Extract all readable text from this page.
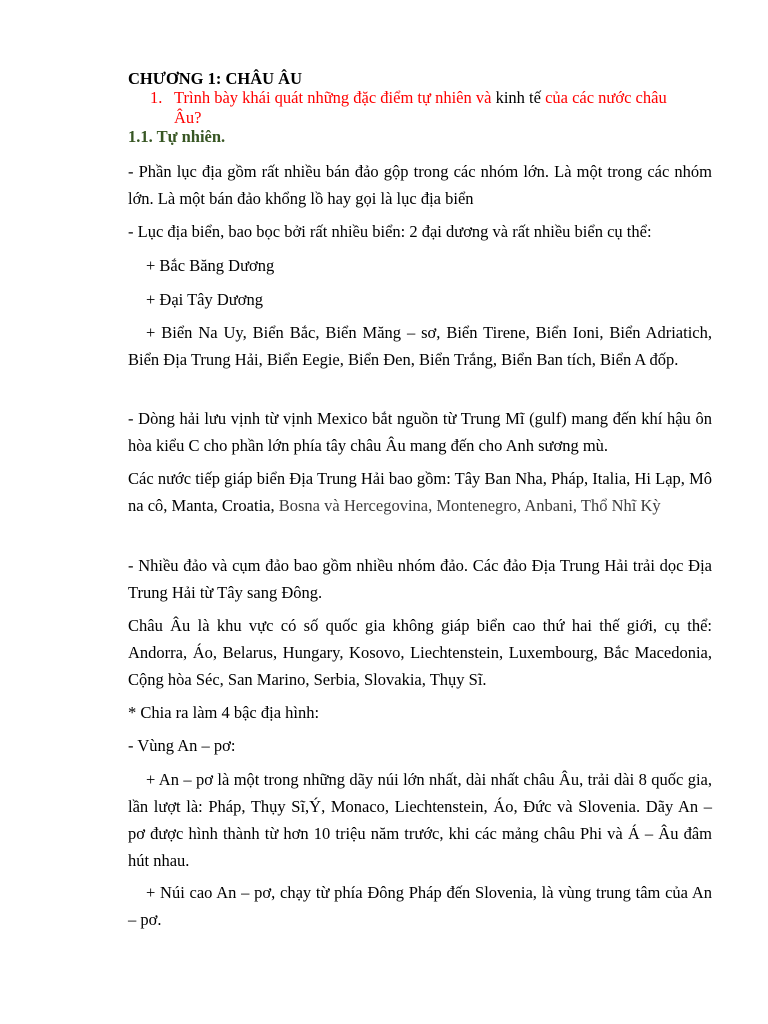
CHƯƠNG 1: CHÂU ÂU
1. Trình bày khái quát những đặc điểm tự nhiên và kinh tế của các nước châu Âu?
1.1. Tự nhiên.
- Phần lục địa gồm rất nhiều bán đảo gộp trong các nhóm lớn. Là một trong các nhóm lớn. Là một bán đảo khổng lồ hay gọi là lục địa biển
- Lục địa biển, bao bọc bởi rất nhiều biển: 2 đại dương và rất nhiều biển cụ thể:
+ Bắc Băng Dương
+ Đại Tây Dương
+ Biển Na Uy, Biển Bắc, Biển Măng – sơ, Biển Tirene, Biển Ioni, Biển Adriatich, Biển Địa Trung Hải, Biển Eegie, Biển Đen, Biển Trắng, Biển Ban tích, Biển A đốp.
- Dòng hải lưu vịnh từ vịnh Mexico bắt nguồn từ Trung Mĩ (gulf) mang đến khí hậu ôn hòa kiểu C cho phần lớn phía tây châu Âu mang đến cho Anh sương mù.
Các nước tiếp giáp biển Địa Trung Hải bao gồm: Tây Ban Nha, Pháp, Italia, Hi Lạp, Mô na cô, Manta, Croatia, Bosna và Hercegovina, Montenegro, Anbani, Thổ Nhĩ Kỳ
- Nhiều đảo và cụm đảo bao gồm nhiều nhóm đảo. Các đảo Địa Trung Hải trải dọc Địa Trung Hải từ Tây sang Đông.
Châu Âu là khu vực có số quốc gia không giáp biển cao thứ hai thế giới, cụ thể: Andorra, Áo, Belarus, Hungary, Kosovo, Liechtenstein, Luxembourg, Bắc Macedonia, Cộng hòa Séc, San Marino, Serbia, Slovakia, Thụy Sĩ.
* Chia ra làm 4 bậc địa hình:
- Vùng An – pơ:
+ An – pơ là một trong những dãy núi lớn nhất, dài nhất châu Âu, trải dài 8 quốc gia, lần lượt là: Pháp, Thụy Sĩ,Ý, Monaco, Liechtenstein, Áo, Đức và Slovenia. Dãy An – pơ được hình thành từ hơn 10 triệu năm trước, khi các mảng châu Phi và Á – Âu đâm hút nhau.
+ Núi cao An – pơ, chạy từ phía Đông Pháp đến Slovenia, là vùng trung tâm của An – pơ.
